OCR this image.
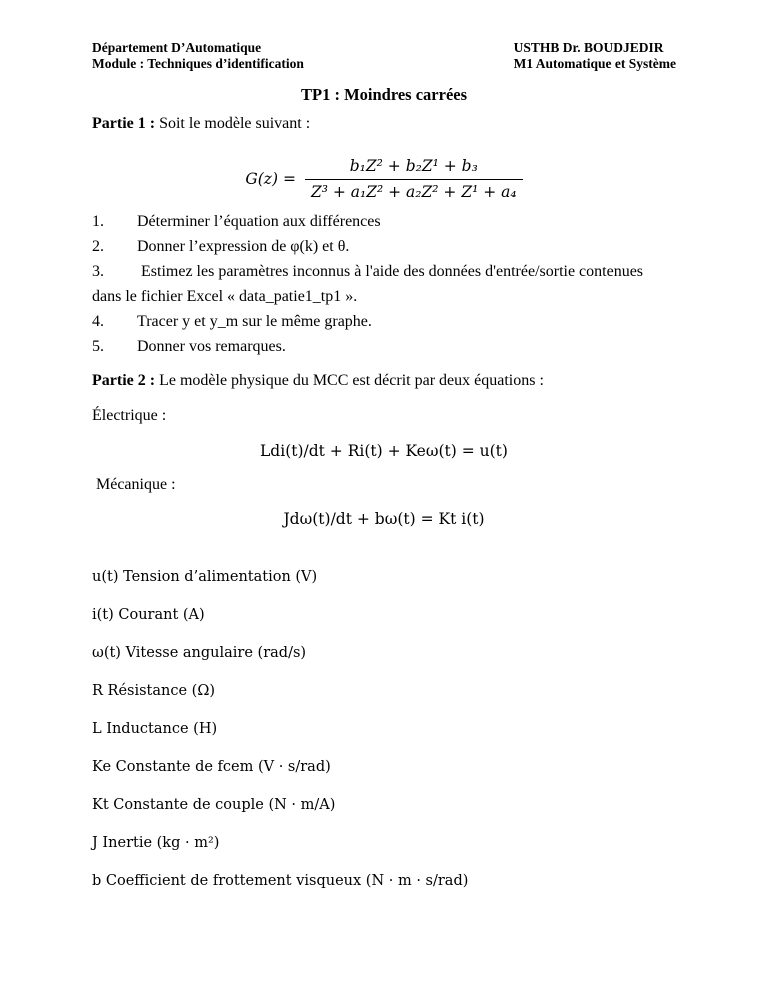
Département D’Automatique
Module : Techniques d’identification
USTHB Dr. BOUDJEDIR
M1 Automatique et Système
TP1 : Moindres carrées

Partie 1 : Soit le modèle suivant :

$G(z) = \frac{\text{b₁Z² + b₂Z¹ + b₃}}{\text{Z³ + a₁Z² + a₂Z² + Z¹ + a₄}}$
1. Déterminer l’équation aux différences
2. Donner l’expression de φ(k) et θ.
3. Estimez les paramètres inconnus à l'aide des données d'entrée/sortie contenues dans le fichier Excel « data_patie1_tp1 ».
4. Tracer y et y_m sur le même graphe.
5. Donner vos remarques.

Partie 2 : Le modèle physique du MCC est décrit par deux équations :

Électrique :

Ldi(t)/dt + Ri(t) + Keω(t) = u(t)

Mécanique :

Jdω(t)/dt + bω(t) = Kt i(t)
u(t) Tension d’alimentation (V)
i(t) Courant (A)
ω(t) Vitesse angulaire (rad/s)
R Résistance (Ω)
L Inductance (H)
Ke Constante de fcem (V · s/rad)
Kt Constante de couple (N · m/A)
J Inertie (kg · m²)
b Coefficient de frottement visqueux (N · m · s/rad)
